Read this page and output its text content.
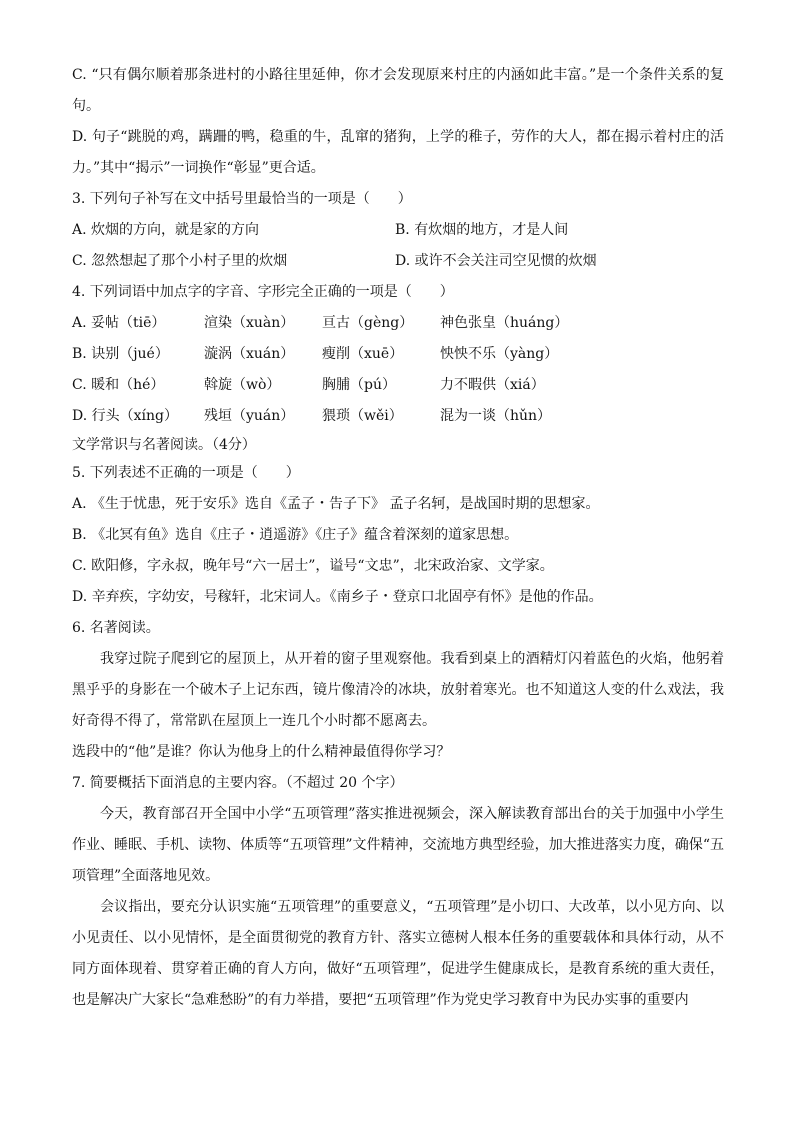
C. “只有偶尔顺着那条进村的小路往里延伸，你才会发现原来村庄的内涵如此丰富。”是一个条件关系的复句。
D. 句子“跳脱的鸡，蹒跚的鸭，稳重的牛，乱窜的猪狗，上学的稚子，劳作的大人，都在揭示着村庄的活力。”其中“揭示”一词换作“彰显”更合适。
3. 下列句子补写在文中括号里最恰当的一项是（　　）
A. 炊烟的方向，就是家的方向	B. 有炊烟的地方，才是人间
C. 忽然想起了那个小村子里的炊烟	D. 或许不会关注司空见惯的炊烟
4. 下列词语中加点字的字音、字形完全正确的一项是（　　）
A. 妥帖（tiē）	渲染（xuàn）	亘古（gèng）	神色张皇（huáng）
B. 诀别（jué）	漩涡（xuán）	瘦削（xuē）	怏怏不乐（yàng）
C. 暖和（hé）	斡旋（wò）	胸脯（pú）	力不暇供（xiá）
D. 行头（xíng）	残垣（yuán）	猥琐（wěi）	混为一谈（hǔn）
文学常识与名著阅读。（4分）
5. 下列表述不正确的一项是（　　）
A. 《生于忧患，死于安乐》选自《孟子・告子下》 孟子名轲，是战国时期的思想家。
B. 《北冥有鱼》选自《庄子・逍遥游》《庄子》蕴含着深刻的道家思想。
C. 欧阳修，字永叔，晚年号“六一居士”，谥号“文忠”，北宋政治家、文学家。
D. 辛弃疾，字幼安，号稼轩，北宋词人。《南乡子・登京口北固亭有怀》是他的作品。
6. 名著阅读。
我穿过院子爬到它的屋顶上，从开着的窗子里观察他。我看到桌上的酒精灯闪着蓝色的火焰，他躬着黑乎乎的身影在一个破木子上记东西，镜片像清冷的冰块，放射着寒光。也不知道这人变的什么戏法，我好奇得不得了，常常趴在屋顶上一连几个小时都不愿离去。
选段中的“他”是谁？你认为他身上的什么精神最值得你学习？
7. 简要概括下面消息的主要内容。（不超过 20 个字）
今天，教育部召开全国中小学“五项管理”落实推进视频会，深入解读教育部出台的关于加强中小学生作业、睡眠、手机、读物、体质等“五项管理”文件精神，交流地方典型经验，加大推进落实力度，确保“五项管理”全面落地见效。
会议指出，要充分认识实施“五项管理”的重要意义，“五项管理”是小切口、大改革，以小见方向、以小见责任、以小见情怀，是全面贯彻党的教育方针、落实立德树人根本任务的重要载体和具体行动，从不同方面体现着、贯穿着正确的育人方向，做好“五项管理”，促进学生健康成长，是教育系统的重大责任，也是解决广大家长“急难愁盼”的有力举措，要把“五项管理”作为党史学习教育中为民办实事的重要内
